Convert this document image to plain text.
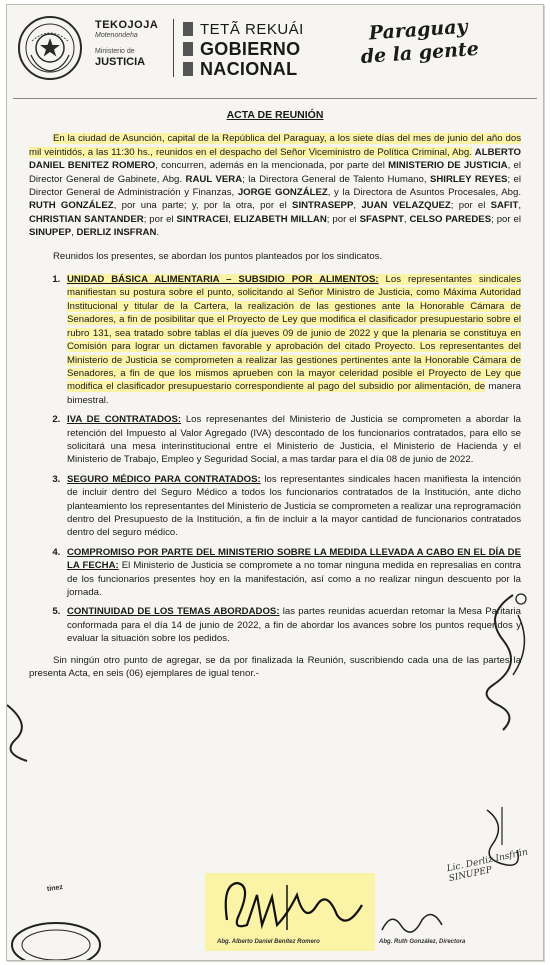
TEKOJOJA
Motenondeha
Ministerio de
JUSTICIA
TETÃ REKUÁI
GOBIERNO
NACIONAL
Paraguay
de la gente
ACTA DE REUNIÓN

En la ciudad de Asunción, capital de la República del Paraguay, a los siete días del mes de junio del año dos mil veintidós, a las 11:30 hs., reunidos en el despacho del Señor Viceministro de Política Criminal, Abg. ALBERTO DANIEL BENITEZ ROMERO, concurren, además en la mencionada, por parte del MINISTERIO DE JUSTICIA, el Director General de Gabinete, Abg. RAUL VERA; la Directora General de Talento Humano, SHIRLEY REYES; el Director General de Administración y Finanzas, JORGE GONZÁLEZ, y la Directora de Asuntos Procesales, Abg. RUTH GONZÁLEZ, por una parte; y, por la otra, por el SINTRASEPP, JUAN VELAZQUEZ; por el SAFIT, CHRISTIAN SANTANDER; por el SINTRACEI, ELIZABETH MILLAN; por el SFASPNT, CELSO PAREDES; por el SINUPEP, DERLIZ INSFRAN.

Reunidos los presentes, se abordan los puntos planteados por los sindicatos.

1. UNIDAD BÁSICA ALIMENTARIA – SUBSIDIO POR ALIMENTOS: Los representantes sindicales manifiestan su postura sobre el punto, solicitando al Señor Ministro de Justicia, como Máxima Autoridad Institucional y titular de la Cartera, la realización de las gestiones ante la Honorable Cámara de Senadores, a fin de posibilitar que el Proyecto de Ley que modifica el clasificador presupuestario sobre el rubro 131, sea tratado sobre tablas el día jueves 09 de junio de 2022 y que la plenaria se constituya en Comisión para lograr un dictamen favorable y aprobación del citado Proyecto. Los representantes del Ministerio de Justicia se comprometen a realizar las gestiones pertinentes ante la Honorable Cámara de Senadores, a fin de que los mismos aprueben con la mayor celeridad posible el Proyecto de Ley que modifica el clasificador presupuestario correspondiente al pago del subsidio por alimentación, de manera bimestral.
2. IVA DE CONTRATADOS: Los represenantes del Ministerio de Justicia se comprometen a abordar la retención del Impuesto al Valor Agregado (IVA) descontado de los funcionarios contratados, para ello se solicitará una mesa interinstitucional entre el Ministerio de Justicia, el Ministerio de Hacienda y el Ministerio de Trabajo, Empleo y Seguridad Social, a mas tardar para el día 08 de junio de 2022.
3. SEGURO MÉDICO PARA CONTRATADOS: los representantes sindicales hacen manifiesta la intención de incluir dentro del Seguro Médico a todos los funcionarios contratados de la Institución, ante dicho planteamiento los representantes del Ministerio de Justicia se comprometen a realizar una reprogramación dentro del Presupuesto de la Institución, a fin de incluir a la mayor cantidad de funcionarios contratados dentro del seguro médico.
4. COMPROMISO POR PARTE DEL MINISTERIO SOBRE LA MEDIDA LLEVADA A CABO EN EL DÍA DE LA FECHA: El Ministerio de Justicia se compromete a no tomar ninguna medida en represalias en contra de los funcionarios presentes hoy en la manifestación, así como a no realizar ningun descuento por la jornada.
5. CONTINUIDAD DE LOS TEMAS ABORDADOS: las partes reunidas acuerdan retomar la Mesa Paritaria conformada para el día 14 de junio de 2022, a fin de abordar los avances sobre los puntos requeridos y evaluar la situación sobre los pedidos.

Sin ningún otro punto de agregar, se da por finalizada la Reunión, suscribiendo cada una de las partes la presenta Acta, en seis (06) ejemplares de igual tenor.-

Abg. Alberto Daniel Benítez Romero	Abg. Ruth González, Directora
Lic. Derliz Insfrán SINUPEP
tinez
